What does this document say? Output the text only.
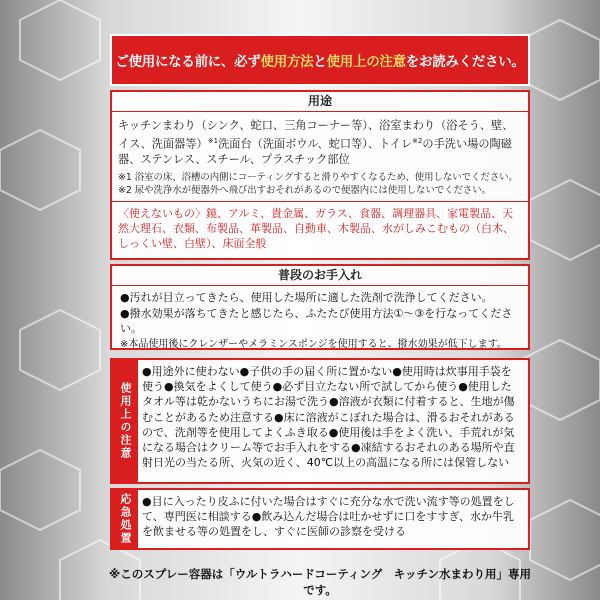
ご使用になる前に、必ず 使用方法 と 使用上の注意 をお読みください。
用途
キッチンまわり（シンク、蛇口、三角コーナー等）、浴室まわり（浴そう、壁、イス、洗面器等）$^{※1}$洗面台（洗面ボウル、蛇口等）、トイレ$^{※2}$の手洗い場の陶磁器、ステンレス、スチール、プラスチック部位
※1 浴室の床、浴槽の内側にコーティングすると滑りやすくなるため、使用しないでください。
※2 尿や洗浄水が便器外へ飛び出すおそれがあるので便器内には使用しないでください。
〈使えないもの〉鏡、アルミ、貴金属、ガラス、食器、調理器具、家電製品、天然大理石、衣類、布製品、革製品、自動車、木製品、水がしみこむもの（白木、しっくい壁、白壁）、床面全般
普段のお手入れ
●汚れが目立ってきたら、使用した場所に適した洗剤で洗浄してください。
●撥水効果が落ちてきたと感じたら、ふたたび使用方法①～③を行なってください。
※本品使用後にクレンザーやメラミンスポンジを使用すると、撥水効果が低下します。
使用上の注意
●用途外に使わない●子供の手の届く所に置かない●使用時は炊事用手袋を使う●換気をよくして使う●必ず目立たない所で試してから使う●使用したタオル等は乾かないうちにお湯で洗う●溶液が衣類に付着すると、生地が傷むことがあるため注意する●床に溶液がこぼれた場合は、滑るおそれがあるので、洗剤等を使用してよくふき取る●使用後は手をよく洗い、手荒れが気になる場合はクリーム等でお手入れをする●凍結するおそれのある場所や直射日光の当たる所、火気の近く、40℃以上の高温になる所には保管しない
応急処置 ●目に入ったり皮ふに付いた場合はすぐに充分な水で洗い流す等の処置をして、専門医に相談する●飲み込んだ場合は吐かせずに口をすすぎ、水か牛乳を飲ませる等の処置をし、すぐに医師の診察を受ける
※このスプレー容器は「ウルトラハードコーティング　キッチン水まわり用」専用です。
